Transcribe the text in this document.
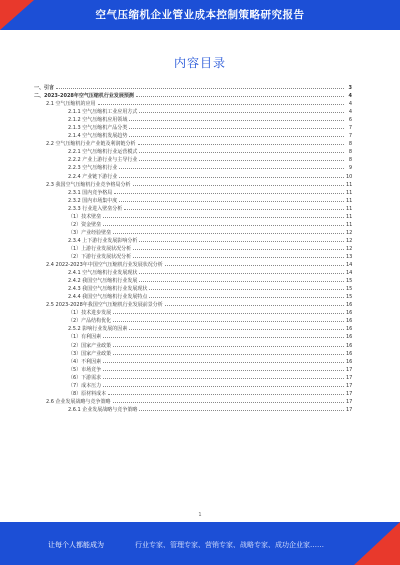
空气压缩机企业管业成本控制策略研究报告
内容目录
一、引言	3
二、2023-2028年空气压缩机行业发展预测	4
2.1 空气压缩机的应用	4
2.1.1 空气压缩机工业应用方式	4
2.1.2 空气压缩机应用领域	6
2.1.3 空气压缩机产品分类	7
2.1.4 空气压缩机发展趋势	7
2.2 空气压缩机行业产业链及利润链分析	8
2.2.1 空气压缩机行业运营模式	8
2.2.2 产业上游行业与主导行业	8
2.2.3 空气压缩机行业	9
2.2.4 产业链下游行业	10
2.3 我国空气压缩机行业竞争格局分析	11
2.3.1 国内竞争格局	11
2.3.2 国内市场集中度	11
2.3.3 行业进入壁垒分析	11
（1）技术壁垒	11
（2）资金壁垒	11
（3）产业经验壁垒	12
2.3.4 上下游行业发展影响分析	12
（1）上游行业发展状况分析	12
（2）下游行业发展状况分析	13
2.4 2022-2023年中国空气压缩机行业发展状况分析	14
2.4.1 空气压缩机行业发展现状	14
2.4.2 我国空气压缩机行业发展	15
2.4.3 我国空气压缩机行业发展现状	15
2.4.4 我国空气压缩机行业发展特点	15
2.5 2023-2028年我国空气压缩机行业发展前景分析	16
（1）技术进步发展	16
（2）产品结构优化	16
2.5.2 影响行业发展的因素	16
（1）有利因素	16
（2）国家产业政策	16
（3）国家产业政策	16
（4）不利因素	16
（5）市场竞争	17
（6）下游需求	17
（7）成本压力	17
（8）原材料成本	17
2.6 企业发展战略与竞争策略	17
2.6.1 企业发展战略与竞争策略	17
1
让每个人都能成为	行业专家、管理专家、营销专家、战略专家、成功企业家……
